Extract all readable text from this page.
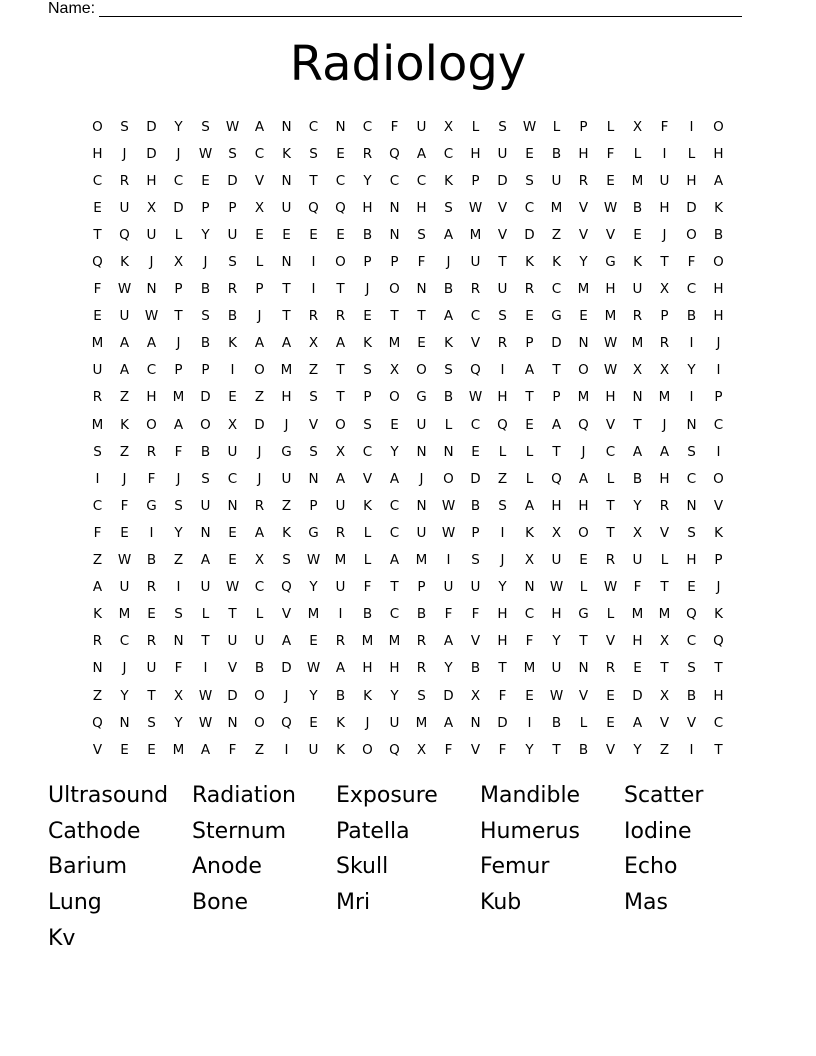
Name:
Radiology
O	S	D	Y	S	W	A	N	C	N	C	F	U	X	L	S	W	L	P	L	X	F	I	O
H	J	D	J	W	S	C	K	S	E	R	Q	A	C	H	U	E	B	H	F	L	I	L	H
C	R	H	C	E	D	V	N	T	C	Y	C	C	K	P	D	S	U	R	E	M	U	H	A
E	U	X	D	P	P	X	U	Q	Q	H	N	H	S	W	V	C	M	V	W	B	H	D	K
T	Q	U	L	Y	U	E	E	E	E	B	N	S	A	M	V	D	Z	V	V	E	J	O	B
Q	K	J	X	J	S	L	N	I	O	P	P	F	J	U	T	K	K	Y	G	K	T	F	O
F	W	N	P	B	R	P	T	I	T	J	O	N	B	R	U	R	C	M	H	U	X	C	H
E	U	W	T	S	B	J	T	R	R	E	T	T	A	C	S	E	G	E	M	R	P	B	H
M	A	A	J	B	K	A	A	X	A	K	M	E	K	V	R	P	D	N	W	M	R	I	J
U	A	C	P	P	I	O	M	Z	T	S	X	O	S	Q	I	A	T	O	W	X	X	Y	I
R	Z	H	M	D	E	Z	H	S	T	P	O	G	B	W	H	T	P	M	H	N	M	I	P
M	K	O	A	O	X	D	J	V	O	S	E	U	L	C	Q	E	A	Q	V	T	J	N	C
S	Z	R	F	B	U	J	G	S	X	C	Y	N	N	E	L	L	T	J	C	A	A	S	I
I	J	F	J	S	C	J	U	N	A	V	A	J	O	D	Z	L	Q	A	L	B	H	C	O
C	F	G	S	U	N	R	Z	P	U	K	C	N	W	B	S	A	H	H	T	Y	R	N	V
F	E	I	Y	N	E	A	K	G	R	L	C	U	W	P	I	K	X	O	T	X	V	S	K
Z	W	B	Z	A	E	X	S	W	M	L	A	M	I	S	J	X	U	E	R	U	L	H	P
A	U	R	I	U	W	C	Q	Y	U	F	T	P	U	U	Y	N	W	L	W	F	T	E	J
K	M	E	S	L	T	L	V	M	I	B	C	B	F	F	H	C	H	G	L	M	M	Q	K
R	C	R	N	T	U	U	A	E	R	M	M	R	A	V	H	F	Y	T	V	H	X	C	Q
N	J	U	F	I	V	B	D	W	A	H	H	R	Y	B	T	M	U	N	R	E	T	S	T
Z	Y	T	X	W	D	O	J	Y	B	K	Y	S	D	X	F	E	W	V	E	D	X	B	H
Q	N	S	Y	W	N	O	Q	E	K	J	U	M	A	N	D	I	B	L	E	A	V	V	C
V	E	E	M	A	F	Z	I	U	K	O	Q	X	F	V	F	Y	T	B	V	Y	Z	I	T
Ultrasound	Radiation	Exposure	Mandible	Scatter
Cathode	Sternum	Patella	Humerus	Iodine
Barium	Anode	Skull	Femur	Echo
Lung	Bone	Mri	Kub	Mas
Kv
